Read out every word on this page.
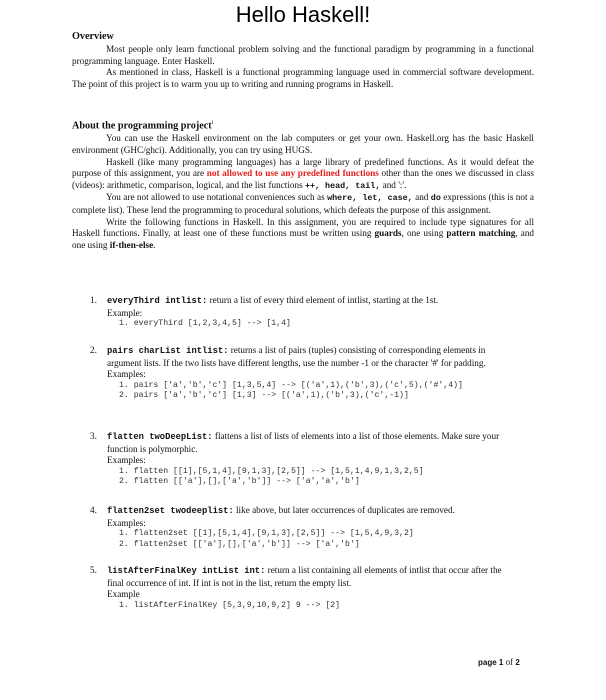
Hello Haskell!
Overview

Most people only learn functional problem solving and the functional paradigm by programming in a functional programming language. Enter Haskell.

As mentioned in class, Haskell is a functional programming language used in commercial software development. The point of this project is to warm you up to writing and running programs in Haskell.

About the programming project$^i$

You can use the Haskell environment on the lab computers or get your own. Haskell.org has the basic Haskell environment (GHC/ghci). Additionally, you can try using HUGS.

Haskell (like many programming languages) has a large library of predefined functions. As it would defeat the purpose of this assignment, you are not allowed to use any predefined functions other than the ones we discussed in class (videos): arithmetic, comparison, logical, and the list functions ++, head, tail, and ':'.

You are not allowed to use notational conveniences such as where, let, case, and do expressions (this is not a complete list). These lend the programming to procedural solutions, which defeats the purpose of this assignment.

Write the following functions in Haskell. In this assignment, you are required to include type signatures for all Haskell functions. Finally, at least one of these functions must be written using guards, one using pattern matching, and one using if-then-else.

1. everyThird intlist: return a list of every third element of intlist, starting at the 1st.
Example:
1. everyThird [1,2,3,4,5] --> [1,4]
2. pairs charList intlist: returns a list of pairs (tuples) consisting of corresponding elements in argument lists. If the two lists have different lengths, use the number -1 or the character '#' for padding.
Examples:
1. pairs ['a','b','c'] [1,3,5,4] --> [('a',1),('b',3),('c',5),('#',4)]
2. pairs ['a','b','c'] [1,3] --> [('a',1),('b',3),('c',-1)]
3. flatten twoDeepList: flattens a list of lists of elements into a list of those elements. Make sure your function is polymorphic.
Examples:
1. flatten [[1],[5,1,4],[9,1,3],[2,5]] --> [1,5,1,4,9,1,3,2,5]
2. flatten [['a'],[],['a','b']] --> ['a','a','b']
4. flatten2set twodeeplist: like above, but later occurrences of duplicates are removed.
Examples:
1. flatten2set [[1],[5,1,4],[9,1,3],[2,5]] --> [1,5,4,9,3,2]
2. flatten2set [['a'],[],['a','b']] --> ['a','b']
5. listAfterFinalKey intList int: return a list containing all elements of intlist that occur after the final occurrence of int. If int is not in the list, return the empty list.
Example
1. listAfterFinalKey [5,3,9,10,9,2] 9 --> [2]
page 1 of 2
